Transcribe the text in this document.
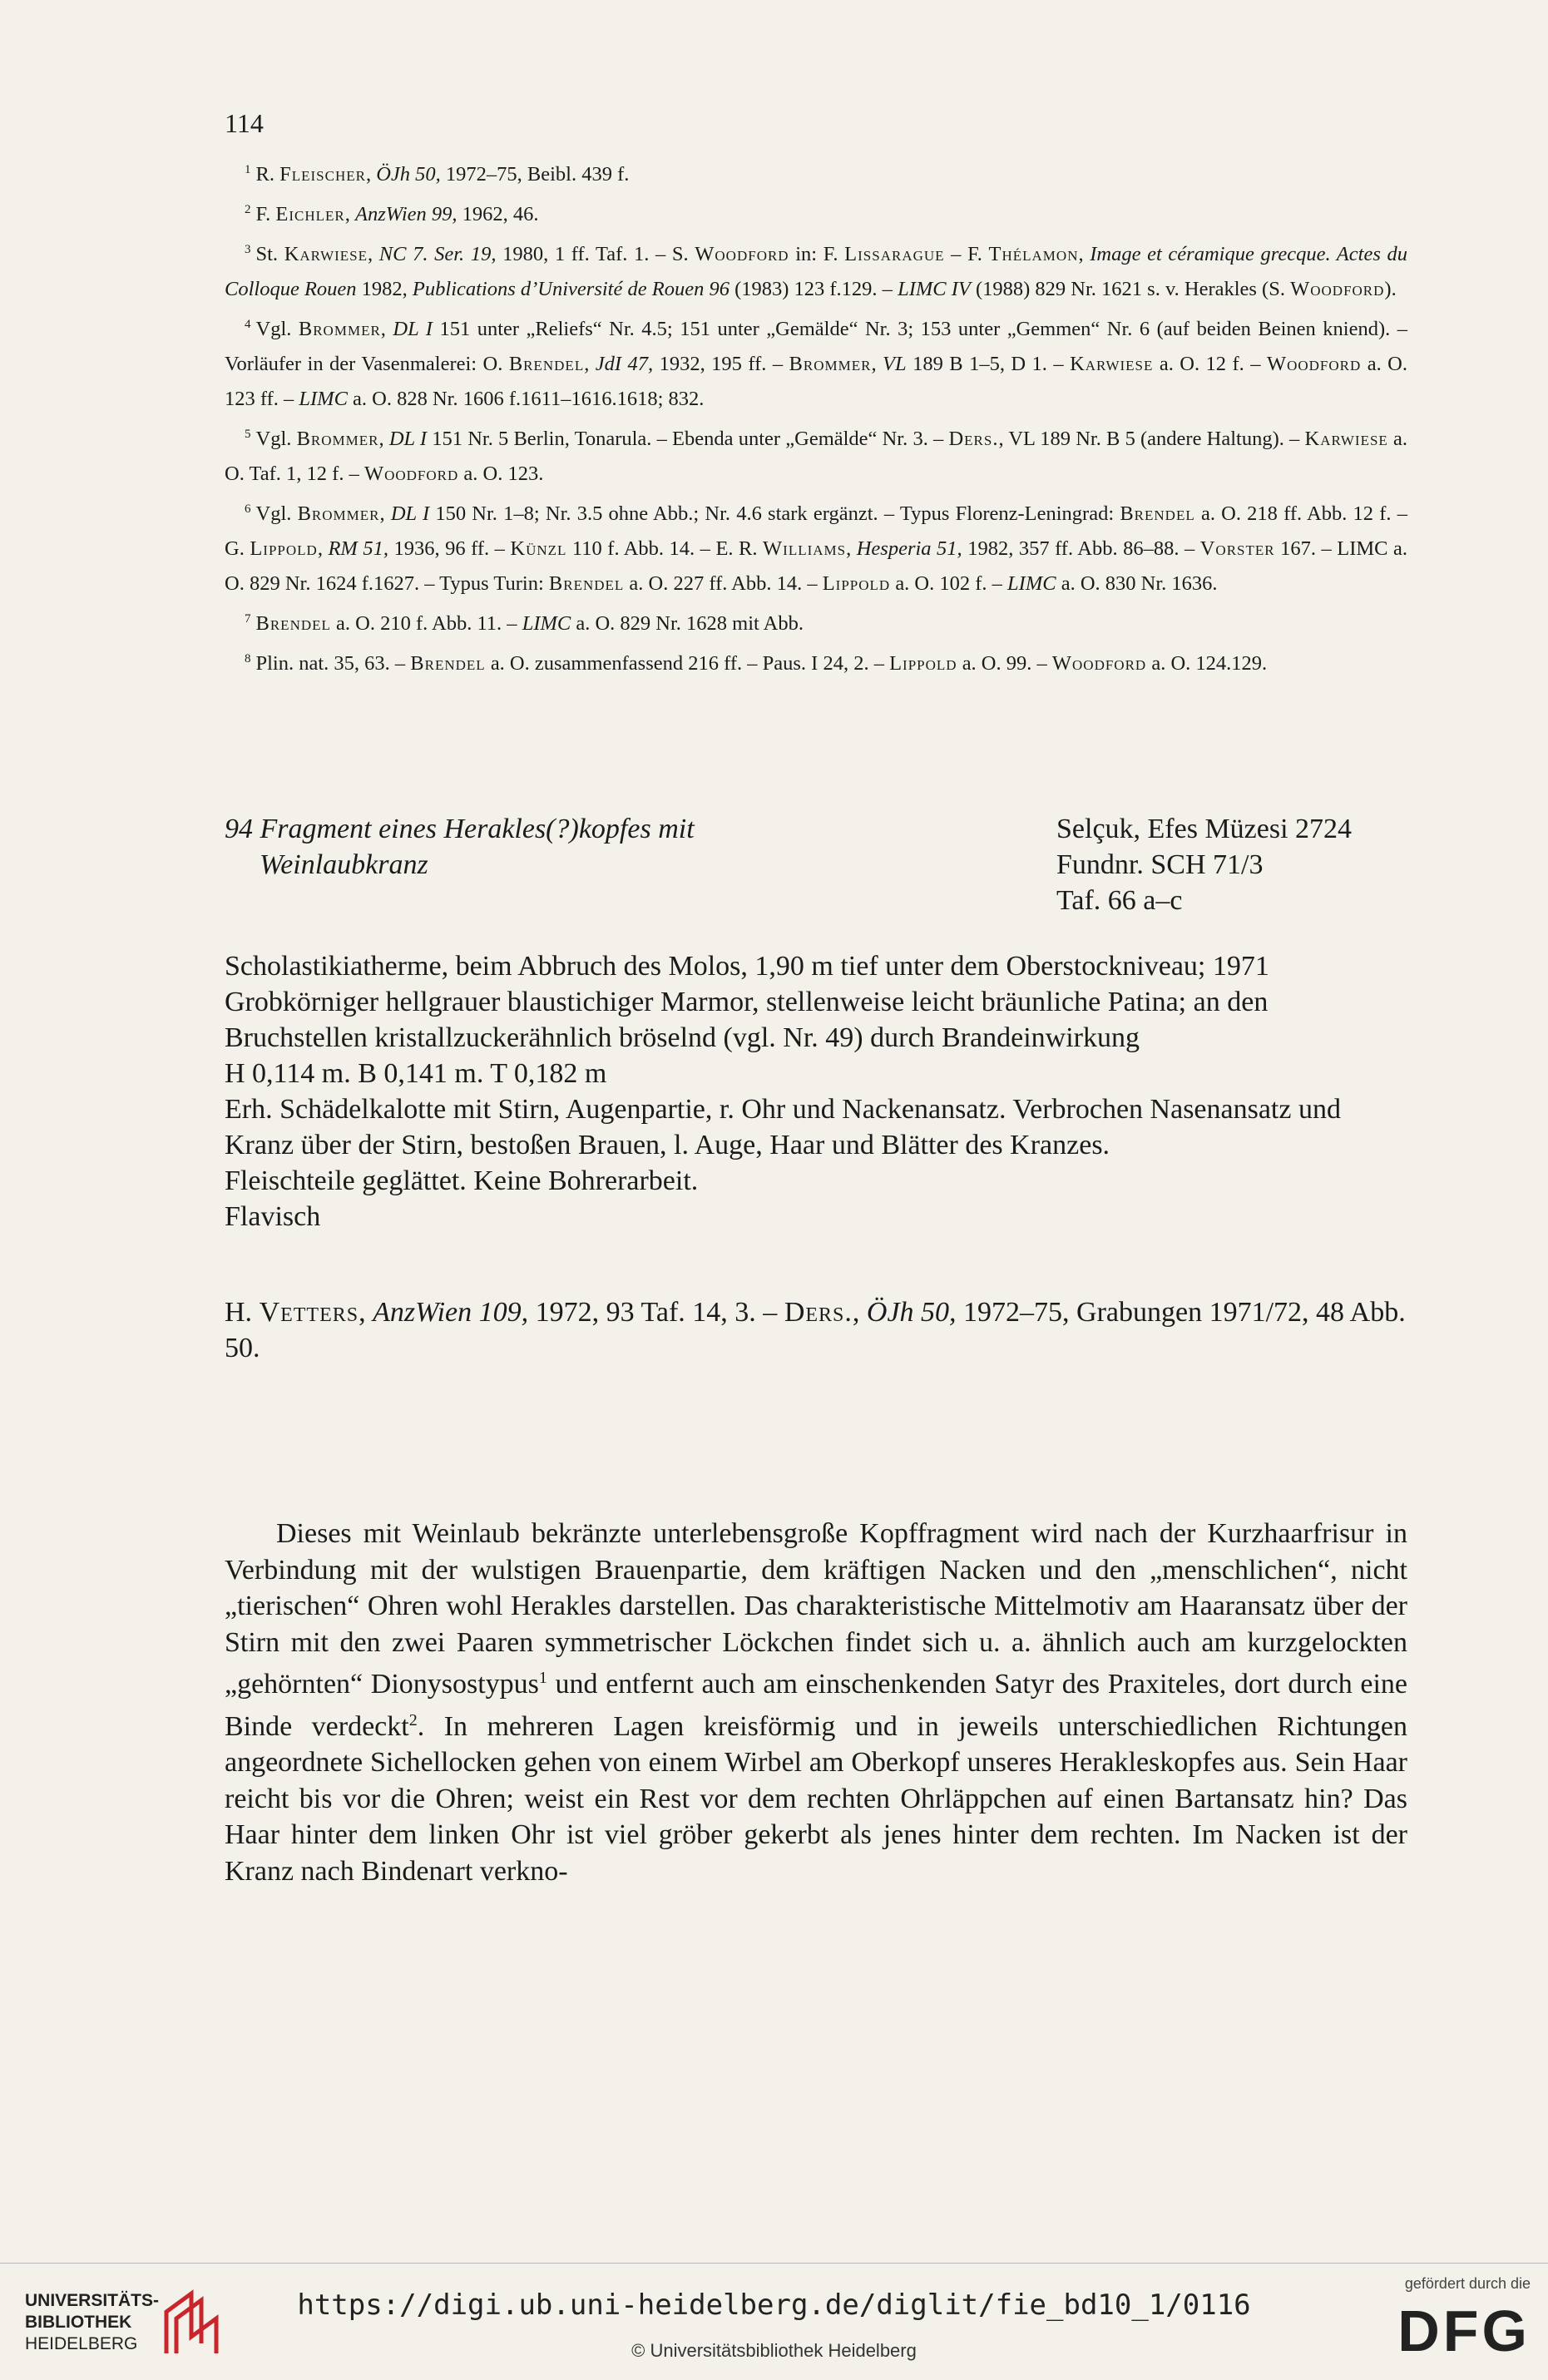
114

$^1$ R. Fleischer, ÖJh 50, 1972–75, Beibl. 439 f.

$^2$ F. Eichler, AnzWien 99, 1962, 46.

$^3$ St. Karwiese, NC 7. Ser. 19, 1980, 1 ff. Taf. 1. – S. Woodford in: F. Lissarague – F. Thélamon, Image et céramique grecque. Actes du Colloque Rouen 1982, Publications d’Université de Rouen 96 (1983) 123 f.129. – LIMC IV (1988) 829 Nr. 1621 s. v. Herakles (S. Woodford).

$^4$ Vgl. Brommer, DL I 151 unter „Reliefs“ Nr. 4.5; 151 unter „Gemälde“ Nr. 3; 153 unter „Gemmen“ Nr. 6 (auf beiden Beinen kniend). – Vorläufer in der Vasenmalerei: O. Brendel, JdI 47, 1932, 195 ff. – Brommer, VL 189 B 1–5, D 1. – Karwiese a. O. 12 f. – Woodford a. O. 123 ff. – LIMC a. O. 828 Nr. 1606 f.1611–1616.1618; 832.

$^5$ Vgl. Brommer, DL I 151 Nr. 5 Berlin, Tonarula. – Ebenda unter „Gemälde“ Nr. 3. – Ders., VL 189 Nr. B 5 (andere Haltung). – Karwiese a. O. Taf. 1, 12 f. – Woodford a. O. 123.

$^6$ Vgl. Brommer, DL I 150 Nr. 1–8; Nr. 3.5 ohne Abb.; Nr. 4.6 stark ergänzt. – Typus Florenz-Leningrad: Brendel a. O. 218 ff. Abb. 12 f. – G. Lippold, RM 51, 1936, 96 ff. – Künzl 110 f. Abb. 14. – E. R. Williams, Hesperia 51, 1982, 357 ff. Abb. 86–88. – Vorster 167. – LIMC a. O. 829 Nr. 1624 f.1627. – Typus Turin: Brendel a. O. 227 ff. Abb. 14. – Lippold a. O. 102 f. – LIMC a. O. 830 Nr. 1636.

$^7$ Brendel a. O. 210 f. Abb. 11. – LIMC a. O. 829 Nr. 1628 mit Abb.

$^8$ Plin. nat. 35, 63. – Brendel a. O. zusammenfassend 216 ff. – Paus. I 24, 2. – Lippold a. O. 99. – Woodford a. O. 124.129.

94 Fragment eines Herakles(?)kopfes mit
Weinlaubkranz
Selçuk, Efes Müzesi 2724
Fundnr. SCH 71/3
Taf. 66 a–c

Scholastikiatherme, beim Abbruch des Molos, 1,90 m tief unter dem Oberstockniveau; 1971

Grobkörniger hellgrauer blaustichiger Marmor, stellenweise leicht bräunliche Patina; an den Bruchstellen kristallzuckerähnlich bröselnd (vgl. Nr. 49) durch Brandeinwirkung

H 0,114 m. B 0,141 m. T 0,182 m

Erh. Schädelkalotte mit Stirn, Augenpartie, r. Ohr und Nackenansatz. Verbrochen Nasenansatz und Kranz über der Stirn, bestoßen Brauen, l. Auge, Haar und Blätter des Kranzes.

Fleischteile geglättet. Keine Bohrerarbeit.

Flavisch

H. Vetters, AnzWien 109, 1972, 93 Taf. 14, 3. – Ders., ÖJh 50, 1972–75, Grabungen 1971/72, 48 Abb. 50.

Dieses mit Weinlaub bekränzte unterlebensgroße Kopffragment wird nach der Kurzhaarfrisur in Verbindung mit der wulstigen Brauenpartie, dem kräftigen Nacken und den „menschlichen“, nicht „tierischen“ Ohren wohl Herakles darstellen. Das charakteristische Mittelmotiv am Haaransatz über der Stirn mit den zwei Paaren symmetrischer Löckchen findet sich u. a. ähnlich auch am kurzgelockten „gehörnten“ Dionysostypus$^1$ und entfernt auch am einschenkenden Satyr des Praxiteles, dort durch eine Binde verdeckt$^2$. In mehreren Lagen kreisförmig und in jeweils unterschiedlichen Richtungen angeordnete Sichellocken gehen von einem Wirbel am Oberkopf unseres Herakleskopfes aus. Sein Haar reicht bis vor die Ohren; weist ein Rest vor dem rechten Ohrläppchen auf einen Bartansatz hin? Das Haar hinter dem linken Ohr ist viel gröber gekerbt als jenes hinter dem rechten. Im Nacken ist der Kranz nach Bindenart verkno-

UNIVERSITÄTS-
BIBLIOTHEK
HEIDELBERG
https://digi.ub.uni-heidelberg.de/diglit/fie_bd10_1/0116
© Universitätsbibliothek Heidelberg
gefördert durch die
DFG
